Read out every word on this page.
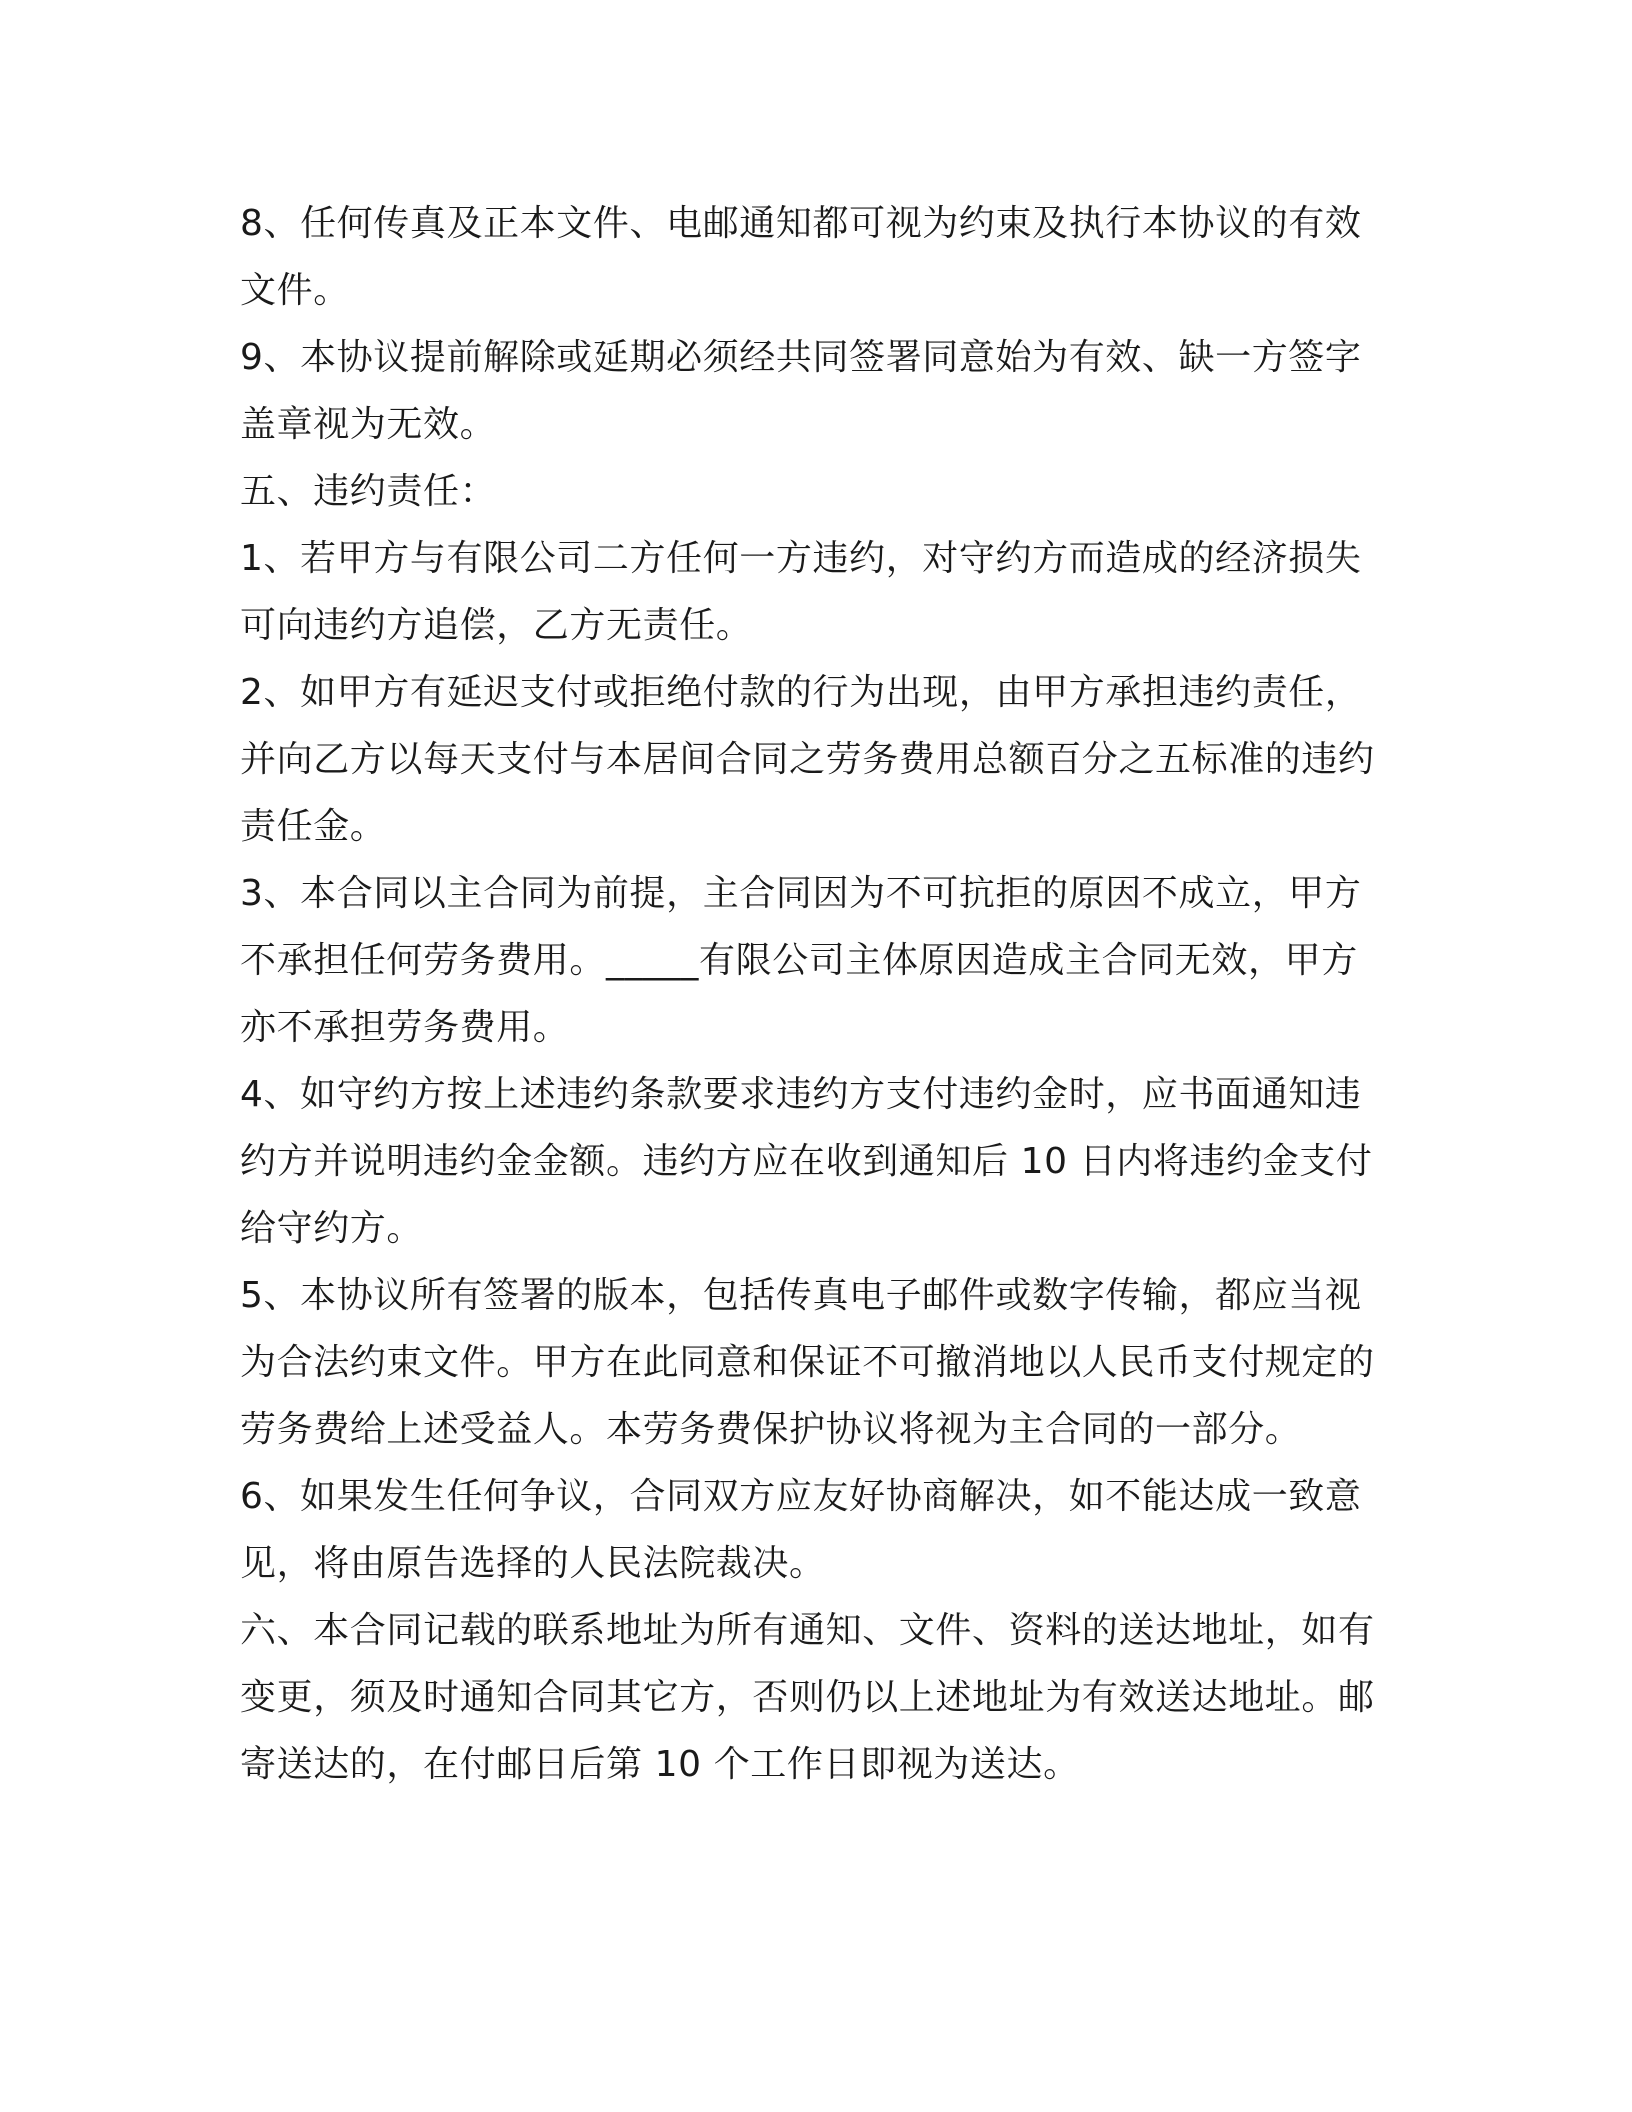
8、任何传真及正本文件、电邮通知都可视为约束及执行本协议的有效文件。

9、本协议提前解除或延期必须经共同签署同意始为有效、缺一方签字盖章视为无效。

五、违约责任：

1、若甲方与有限公司二方任何一方违约，对守约方而造成的经济损失可向违约方追偿，乙方无责任。

2、如甲方有延迟支付或拒绝付款的行为出现，由甲方承担违约责任，并向乙方以每天支付与本居间合同之劳务费用总额百分之五标准的违约责任金。

3、本合同以主合同为前提，主合同因为不可抗拒的原因不成立，甲方不承担任何劳务费用。_____有限公司主体原因造成主合同无效，甲方亦不承担劳务费用。

4、如守约方按上述违约条款要求违约方支付违约金时，应书面通知违约方并说明违约金金额。违约方应在收到通知后 10 日内将违约金支付给守约方。

5、本协议所有签署的版本，包括传真电子邮件或数字传输，都应当视为合法约束文件。甲方在此同意和保证不可撤消地以人民币支付规定的劳务费给上述受益人。本劳务费保护协议将视为主合同的一部分。

6、如果发生任何争议，合同双方应友好协商解决，如不能达成一致意见，将由原告选择的人民法院裁决。

六、本合同记载的联系地址为所有通知、文件、资料的送达地址，如有变更，须及时通知合同其它方，否则仍以上述地址为有效送达地址。邮寄送达的，在付邮日后第 10 个工作日即视为送达。
